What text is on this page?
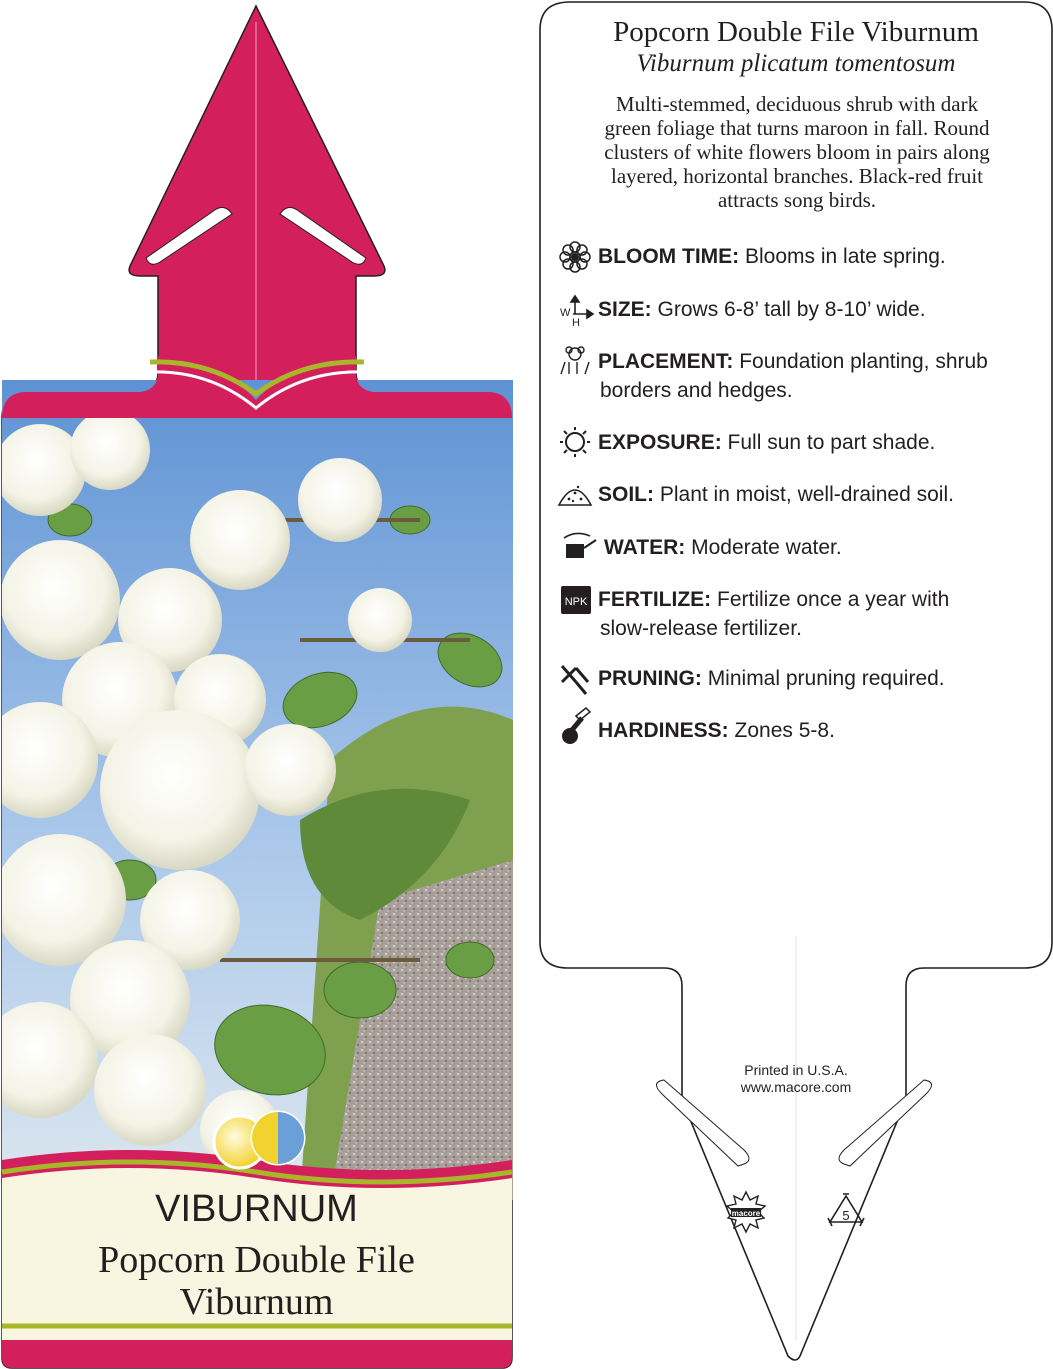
NPK
W
H
macore	5
VIBURNUM
Popcorn Double File
Viburnum
Popcorn Double File Viburnum
Viburnum plicatum tomentosum
Multi-stemmed, deciduous shrub with dark
green foliage that turns maroon in fall. Round
clusters of white flowers bloom in pairs along
layered, horizontal branches. Black-red fruit
attracts song birds.
BLOOM TIME: Blooms in late spring.
SIZE: Grows 6-8’ tall by 8-10’ wide.
PLACEMENT: Foundation planting, shrub
borders and hedges.
EXPOSURE: Full sun to part shade.
SOIL: Plant in moist, well-drained soil.
WATER: Moderate water.
FERTILIZE: Fertilize once a year with
slow-release fertilizer.
PRUNING: Minimal pruning required.
HARDINESS: Zones 5-8.
Printed in U.S.A.
www.macore.com
